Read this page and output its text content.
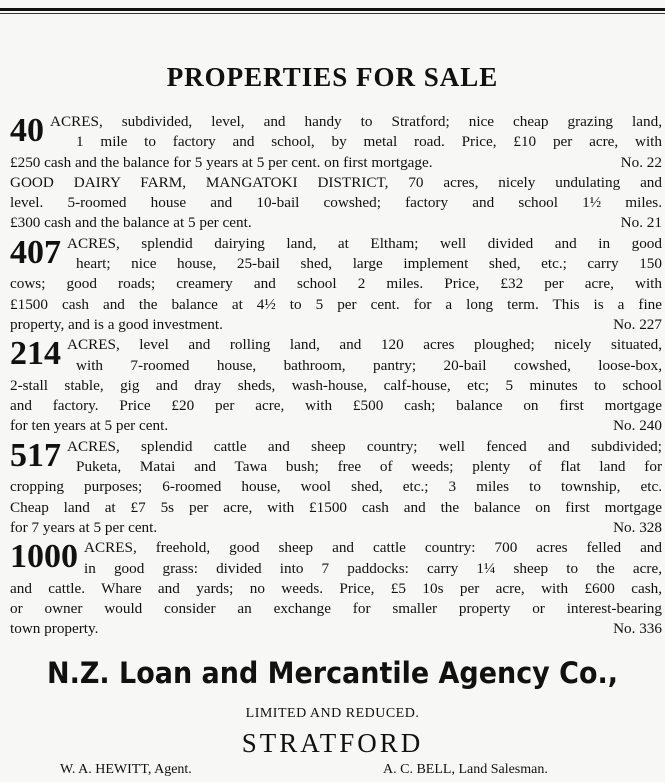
PROPERTIES FOR SALE
40 ACRES, subdivided, level, and handy to Stratford; nice cheap grazing land,
1 mile to factory and school, by metal road. Price, £10 per acre, with
No. 22
£250 cash and the balance for 5 years at 5 per cent. on first mortgage.
GOOD DAIRY FARM, MANGATOKI DISTRICT, 70 acres, nicely undulating and
level. 5-roomed house and 10-bail cowshed; factory and school 1½ miles.
No. 21
£300 cash and the balance at 5 per cent.
407 ACRES, splendid dairying land, at Eltham; well divided and in good
heart; nice house, 25-bail shed, large implement shed, etc.; carry 150
cows; good roads; creamery and school 2 miles. Price, £32 per acre, with
£1500 cash and the balance at 4½ to 5 per cent. for a long term. This is a fine
No. 227
property, and is a good investment.
214 ACRES, level and rolling land, and 120 acres ploughed; nicely situated,
with 7-roomed house, bathroom, pantry; 20-bail cowshed, loose-box,
2-stall stable, gig and dray sheds, wash-house, calf-house, etc; 5 minutes to school
and factory. Price £20 per acre, with £500 cash; balance on first mortgage
No. 240
for ten years at 5 per cent.
517 ACRES, splendid cattle and sheep country; well fenced and subdivided;
Puketa, Matai and Tawa bush; free of weeds; plenty of flat land for
cropping purposes; 6-roomed house, wool shed, etc.; 3 miles to township, etc.
Cheap land at £7 5s per acre, with £1500 cash and the balance on first mortgage
No. 328
for 7 years at 5 per cent.
1000 ACRES, freehold, good sheep and cattle country: 700 acres felled and
in good grass: divided into 7 paddocks: carry 1¼ sheep to the acre,
and cattle. Whare and yards; no weeds. Price, £5 10s per acre, with £600 cash,
or owner would consider an exchange for smaller property or interest-bearing
No. 336
town property.
N.Z. Loan and Mercantile Agency Co.,
LIMITED AND REDUCED.
STRATFORD
W. A. HEWITT, Agent.	A. C. BELL, Land Salesman.
